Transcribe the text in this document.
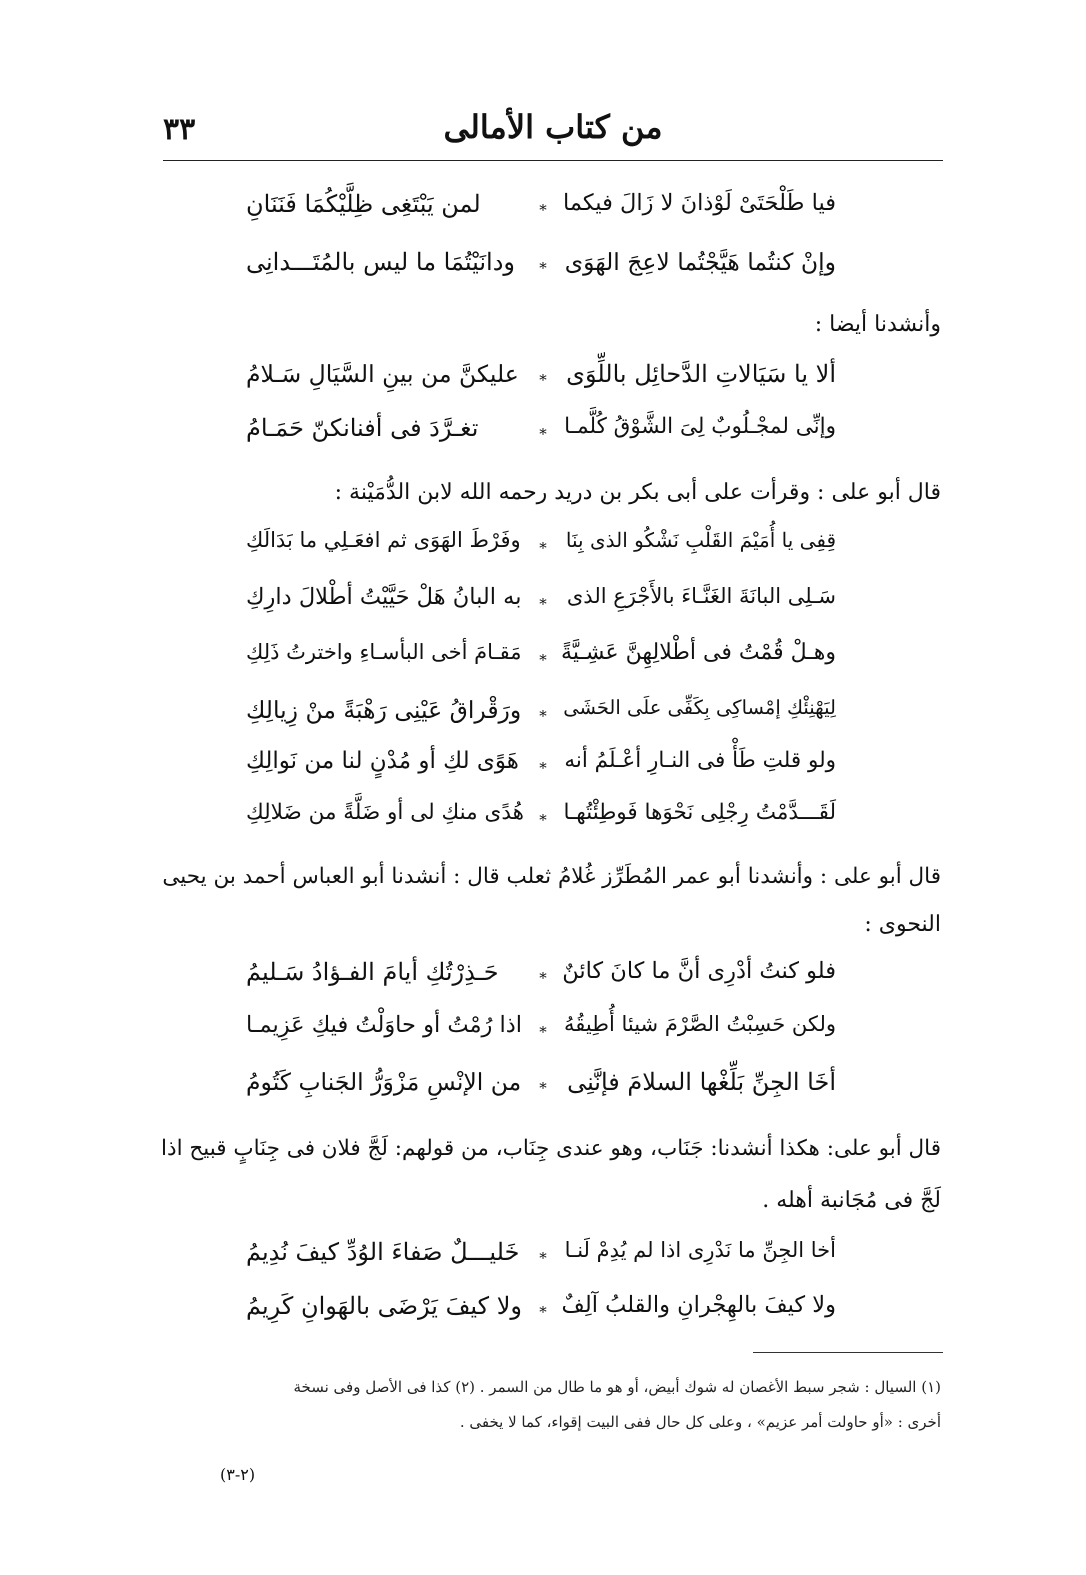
من كتاب الأمالى
٣٣
فيا طَلْحَتَىْ لَوْذانَ لا زَالَ فيكما
*
لمن يَبْتَغِى ظِلَّيْكُمَا فَنَنَانِ
وإنْ كنتُما هَيَّجْتُما لاعِجَ الهَوَى
*
ودانَيْتُمَا ما ليس بالمُتَـــدانِى
وأنشدنا أيضا :
ألا يا سَيَالاتِ الدَّحائِل باللِّوَى
*
عليكنَّ من بينِ السَّيَالِ سَـلامُ
وإنِّى لمجْـلُوبٌ لِىَ الشَّوْقُ كُلَّمـا
*
تغـرَّدَ فى أفنانكنّ حَمَـامُ
قال أبو على : وقرأت على أبى بكر بن دريد رحمه الله لابن الدُّمَيْنة :
قِفِى يا أُمَيْمَ القَلْبِ نَشْكُو الذى بِنَا
*
وفَرْطَ الهَوَى ثم افعَـلِي ما بَدَالَكِ
سَـلِى البانَةَ الغَنَّـاءَ بالأَجْرَعِ الذى
*
به البانُ هَلْ حَيَّيْتُ أطْلالَ دارِكِ
وهـلْ قُمْتُ فى أطْلالِهِنَّ عَشِـيَّةً
*
مَقـامَ أخى البأسـاءِ واخترتُ ذَلِكِ
لِيَهْنِئْكِ إمْساكِى بِكَفِّى علَى الحَشَى
*
ورَقْراقُ عَيْنِى رَهْبَةً منْ زِيالِكِ
ولو قلتِ طَأْ فى النـارِ أعْـلَمُ أنه
*
هَوًى لكِ أو مُدْنٍ لنا من نَوالِكِ
لَقَـــدَّمْتُ رِجْلِى نَحْوَها فَوطِئْتُهـا
*
هُدًى منكِ لى أو ضَلَّةً من ضَلالِكِ
قال أبو على : وأنشدنا أبو عمر المُطَرِّز غُلامُ ثعلب قال : أنشدنا أبو العباس أحمد بن يحيى
النحوى :
فلو كنتُ أدْرِى أنَّ ما كانَ كائنٌ
*
حَـذِرْتُكِ أيامَ الفـؤادُ سَـليمُ
ولكن حَسِبْتُ الصَّرْمَ شيئا أُطِيقُهُ
*
اذا رُمْتُ أو حاوَلْتُ فيكِ عَزِيمـا
أخَا الجِنِّ بَلِّغْها السلامَ فإنَّنِى
*
من الإنْسِ مَزْوَرُّ الجَنابِ كَتُومُ
قال أبو على: هكذا أنشدنا: جَنَاب، وهو عندى جِنَاب، من قولهم: لَجَّ فلان فى جِنَابٍ قبيح اذا
لَجَّ فى مُجَانبة أهله .
أخا الجِنِّ ما نَدْرِى اذا لم يُدِمْ لَنـا
*
خَليـــلٌ صَفاءَ الوُدِّ كيفَ نُدِيمُ
ولا كيفَ بالهِجْرانِ والقلبُ آلِفٌ
*
ولا كيفَ يَرْضَى بالهَوانِ كَرِيمُ
(١) السيال : شجر سبط الأغصان له شوك أبيض، أو هو ما طال من السمر . (٢) كذا فى الأصل وفى نسخة
أخرى : «أو حاولت أمر عزيم» ، وعلى كل حال ففى البيت إقواء، كما لا يخفى .
(٢-٣)
